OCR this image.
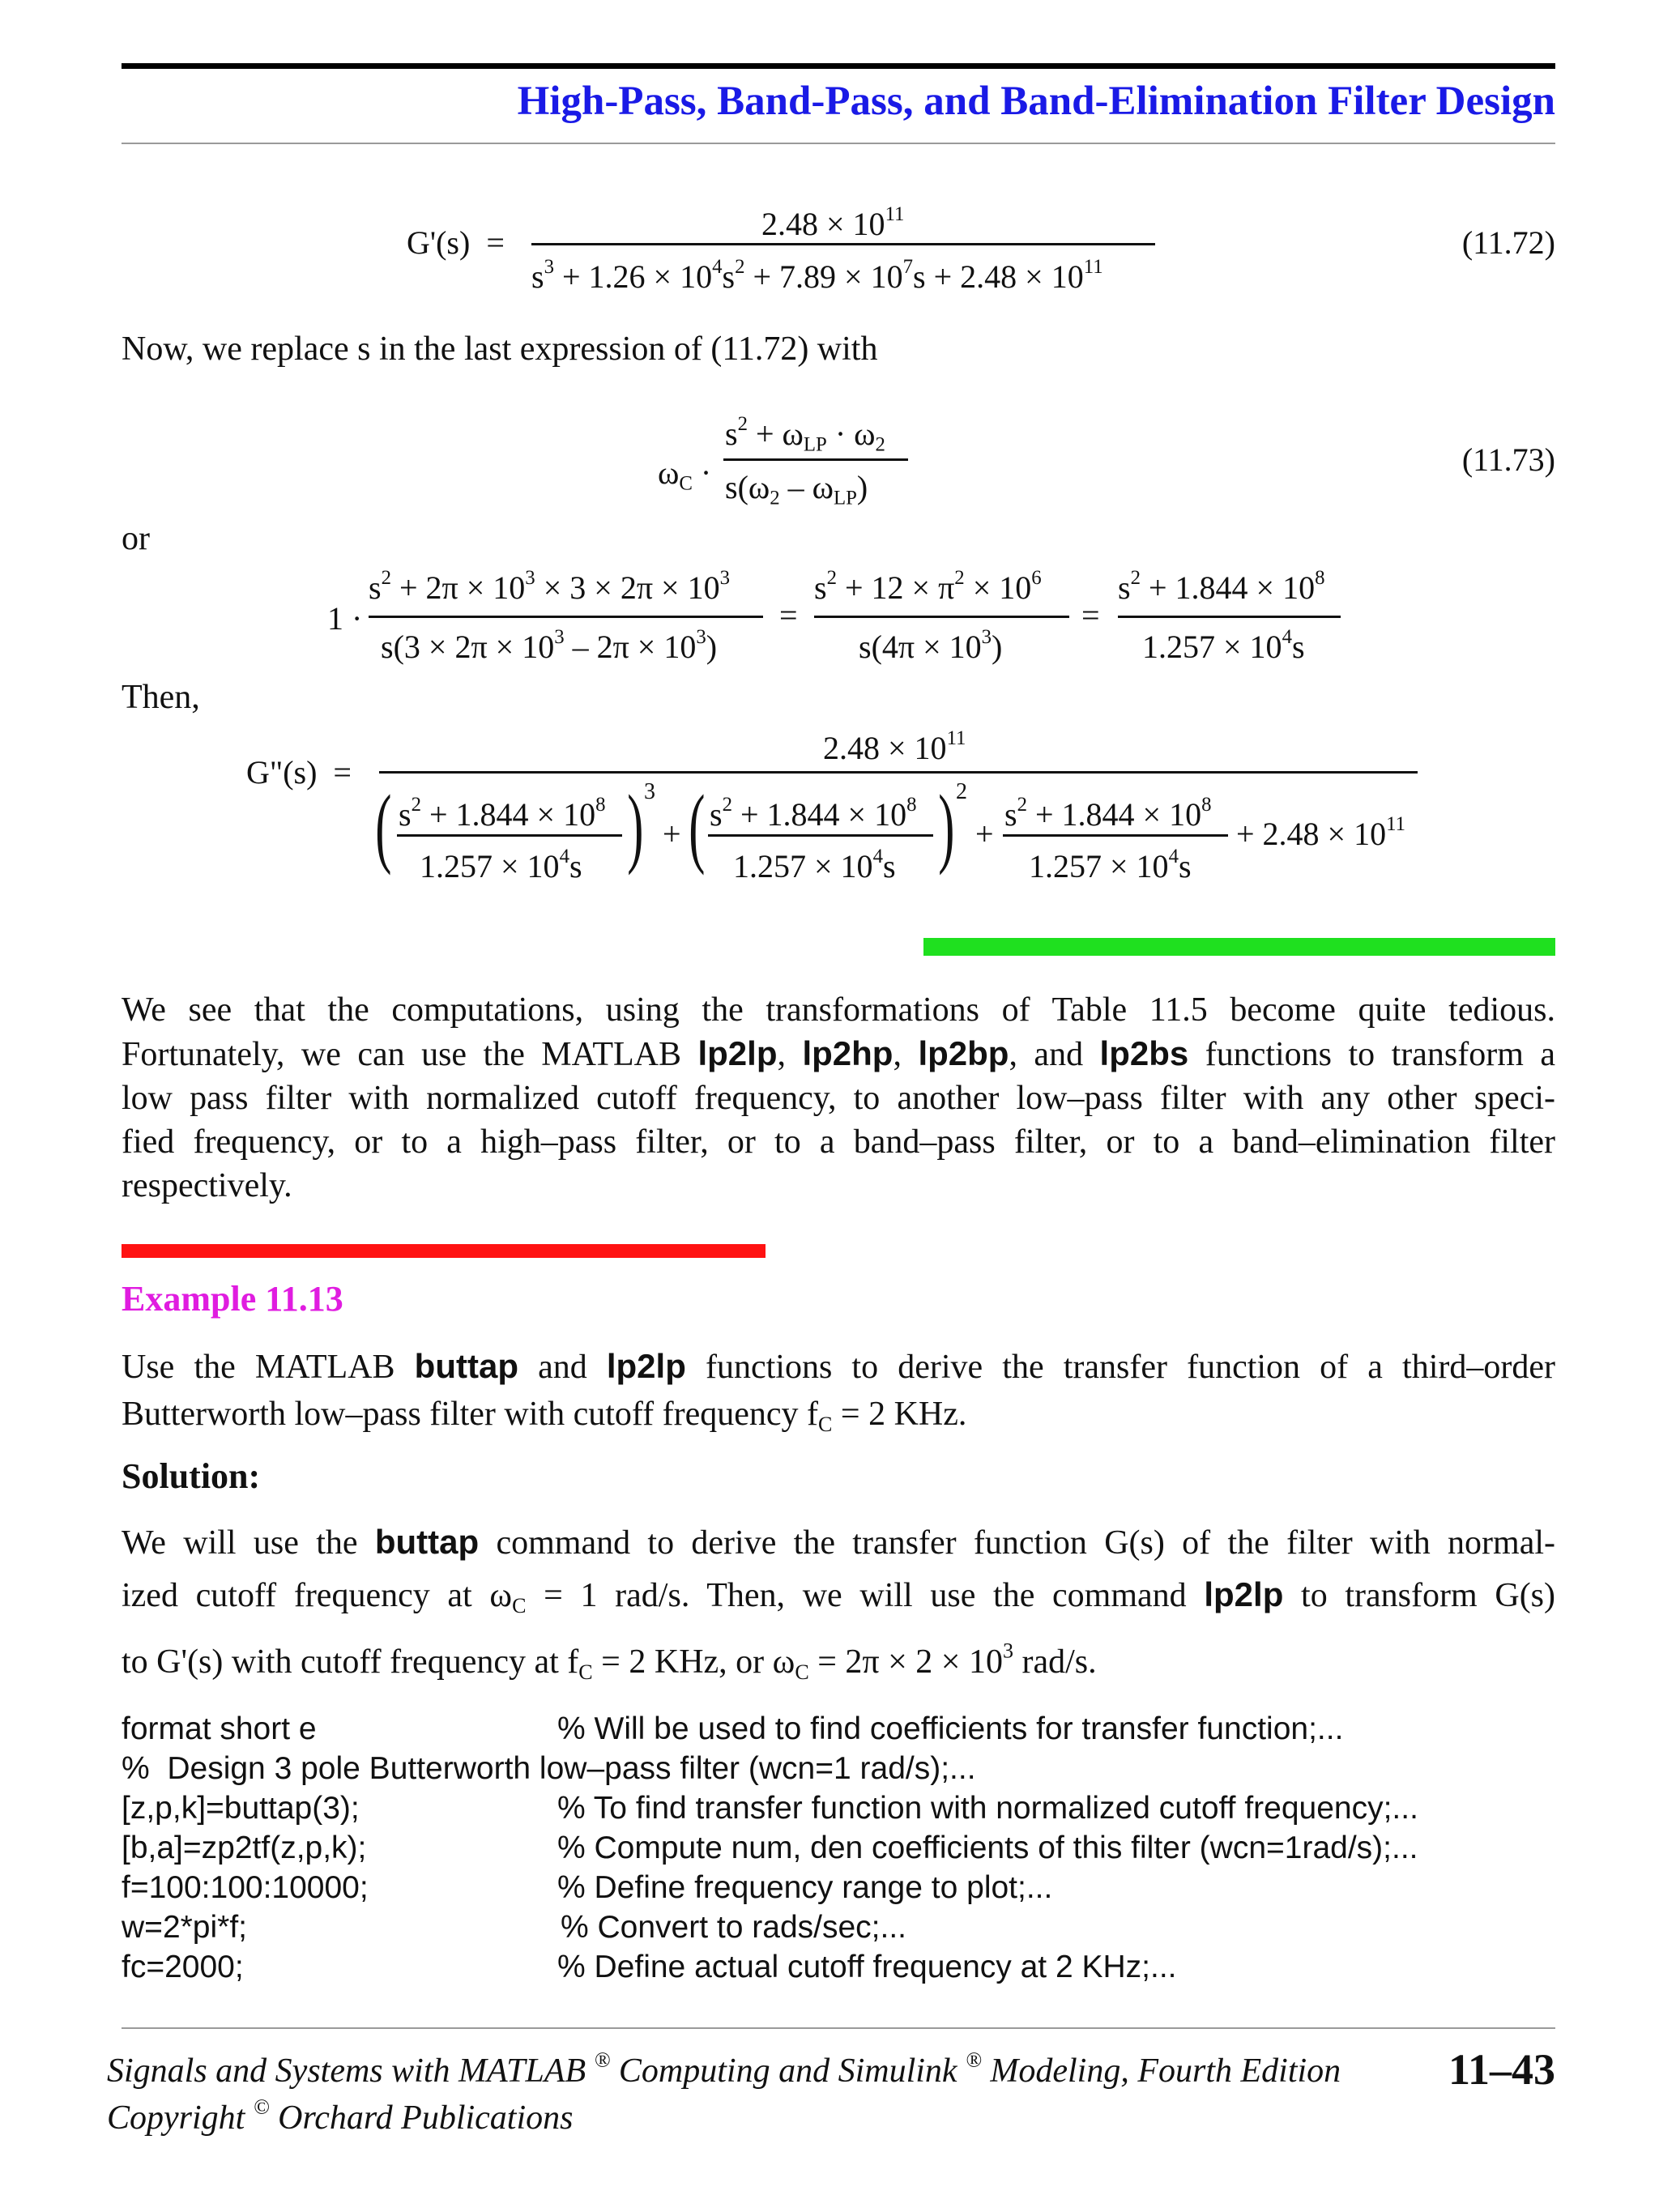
High-Pass, Band-Pass, and Band-Elimination Filter Design
G'(s) =
$2.48 \times 10^{11}$
$s^3 + 1.26 \times 10^4s^2 + 7.89 \times 10^7s + 2.48 \times 10^{11}$
(11.72)
Now, we replace s in the last expression of (11.72) with
$\omega_C$ ·
$s^2 + \omega_{LP} \cdot \omega_2$
$s(\omega_2 - \omega_{LP})$
(11.73)
or
1 ·
$s^2 + 2\pi \times 10^3 \times 3 \times 2\pi \times 10^3$
$s(3 \times 2\pi \times 10^3 - 2\pi \times 10^3)$
=
$s^2 + 12 \times \pi^2 \times 10^6$
$s(4\pi \times 10^3)$
=
$s^2 + 1.844 \times 10^8$
$1.257 \times 10^4s$
Then,
G"(s) =
$2.48 \times 10^{11}$
( $s^2 + 1.844 \times 10^8$
$1.257 \times 10^4s$ ) 3
+ ( $s^2 + 1.844 \times 10^8$
$1.257 \times 10^4s$ ) 2
+
$s^2 + 1.844 \times 10^8$
$1.257 \times 10^4s$
+ $2.48 \times 10^{11}$
We see that the computations, using the transformations of Table 11.5 become quite tedious.
Fortunately, we can use the MATLAB lp2lp, lp2hp, lp2bp, and lp2bs functions to transform a
low pass filter with normalized cutoff frequency, to another low–pass filter with any other speci-
fied frequency, or to a high–pass filter, or to a band–pass filter, or to a band–elimination filter
respectively.
Example 11.13
Use the MATLAB buttap and lp2lp functions to derive the transfer function of a third–order
Butterworth low–pass filter with cutoff frequency $f_C = 2$ KHz.
Solution:
We will use the buttap command to derive the transfer function G(s) of the filter with normal-
ized cutoff frequency at $\omega_C = 1$ rad/s. Then, we will use the command lp2lp to transform G(s)
to G'(s) with cutoff frequency at $f_C = 2$ KHz, or $\omega_C = 2\pi \times 2 \times 10^3$ rad/s.
format short e	% Will be used to find coefficients for transfer function;...
%  Design 3 pole Butterworth low–pass filter (wcn=1 rad/s);...
[z,p,k]=buttap(3);	% To find transfer function with normalized cutoff frequency;...
[b,a]=zp2tf(z,p,k);	% Compute num, den coefficients of this filter (wcn=1rad/s);...
f=100:100:10000;	% Define frequency range to plot;...
w=2*pi*f;	% Convert to rads/sec;...
fc=2000;	% Define actual cutoff frequency at 2 KHz;...
Signals and Systems with MATLAB ® Computing and Simulink ® Modeling, Fourth Edition
Copyright © Orchard Publications
11–43
